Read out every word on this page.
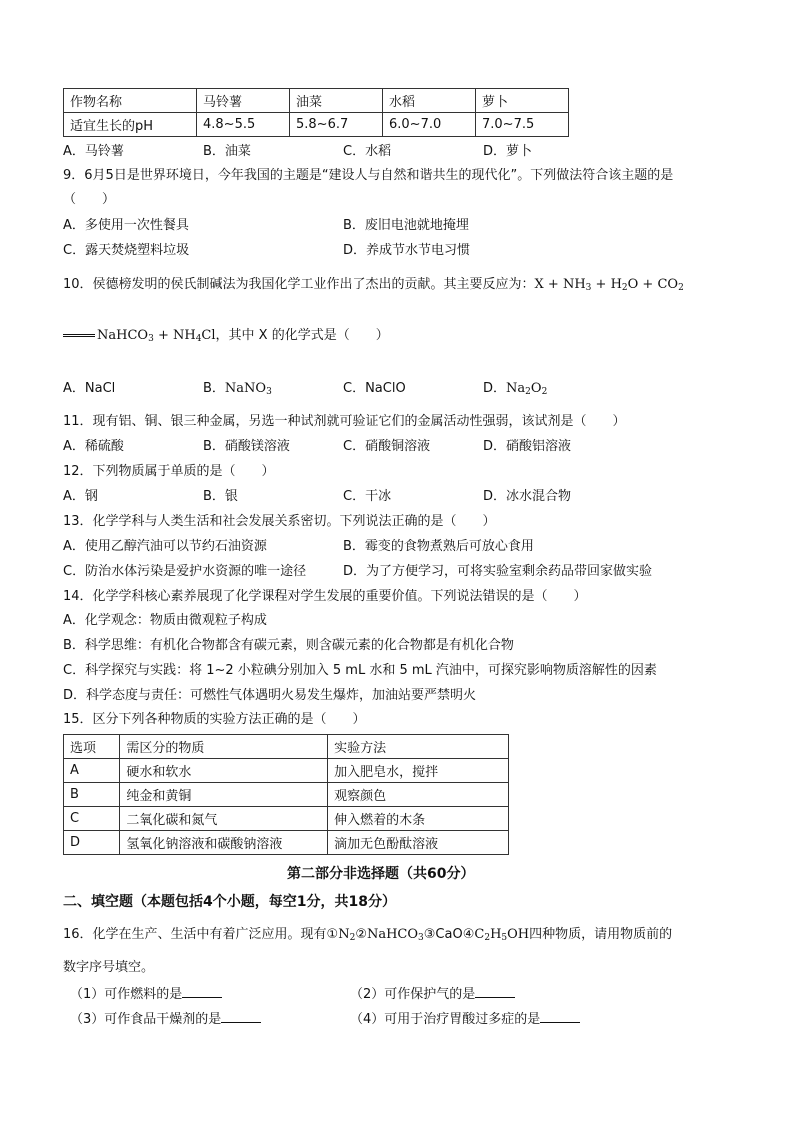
作物名称	马铃薯	油菜	水稻	萝卜
适宜生长的pH	4.8~5.5	5.8~6.7	6.0~7.0	7.0~7.5
A．马铃薯	B．油菜	C．水稻	D．萝卜
9．6月5日是世界环境日，今年我国的主题是“建设人与自然和谐共生的现代化”。下列做法符合该主题的是
（　　）
A．多使用一次性餐具	B．废旧电池就地掩埋
C．露天焚烧塑料垃圾	D．养成节水节电习惯
10．侯德榜发明的侯氏制碱法为我国化学工业作出了杰出的贡献。其主要反应为：$X + NH_3 + H_2O + CO_2$
NaHCO$_3$ + $NH_4Cl$，其中 X 的化学式是（　　）
A．NaCl	B．NaNO$_3$	C．NaClO	D．$Na_2O_2$
11．现有铝、铜、银三种金属，另选一种试剂就可验证它们的金属活动性强弱，该试剂是（　　）
A．稀硫酸	B．硝酸镁溶液	C．硝酸铜溶液	D．硝酸铝溶液
12．下列物质属于单质的是（　　）
A．钢	B．银	C．干冰	D．冰水混合物
13．化学学科与人类生活和社会发展关系密切。下列说法正确的是（　　）
A．使用乙醇汽油可以节约石油资源	B．霉变的食物煮熟后可放心食用
C．防治水体污染是爱护水资源的唯一途径	D．为了方便学习，可将实验室剩余药品带回家做实验
14．化学学科核心素养展现了化学课程对学生发展的重要价值。下列说法错误的是（　　）
A．化学观念：物质由微观粒子构成
B．科学思维：有机化合物都含有碳元素，则含碳元素的化合物都是有机化合物
C．科学探究与实践：将 1~2 小粒碘分别加入 5 mL 水和 5 mL 汽油中，可探究影响物质溶解性的因素
D．科学态度与责任：可燃性气体遇明火易发生爆炸，加油站要严禁明火
15．区分下列各种物质的实验方法正确的是（　　）
选项	需区分的物质	实验方法
A	硬水和软水	加入肥皂水，搅拌
B	纯金和黄铜	观察颜色
C	二氧化碳和氮气	伸入燃着的木条
D	氢氧化钠溶液和碳酸钠溶液	滴加无色酚酞溶液
第二部分非选择题（共60分）
二、填空题（本题包括4个小题，每空1分，共18分）
16．化学在生产、生活中有着广泛应用。现有$①N_2②NaHCO_3③CaO④C_2H_5OH$四种物质，请用物质前的
数字序号填空。
（1）可作燃料的是	（2）可作保护气的是
（3）可作食品干燥剂的是	（4）可用于治疗胃酸过多症的是
